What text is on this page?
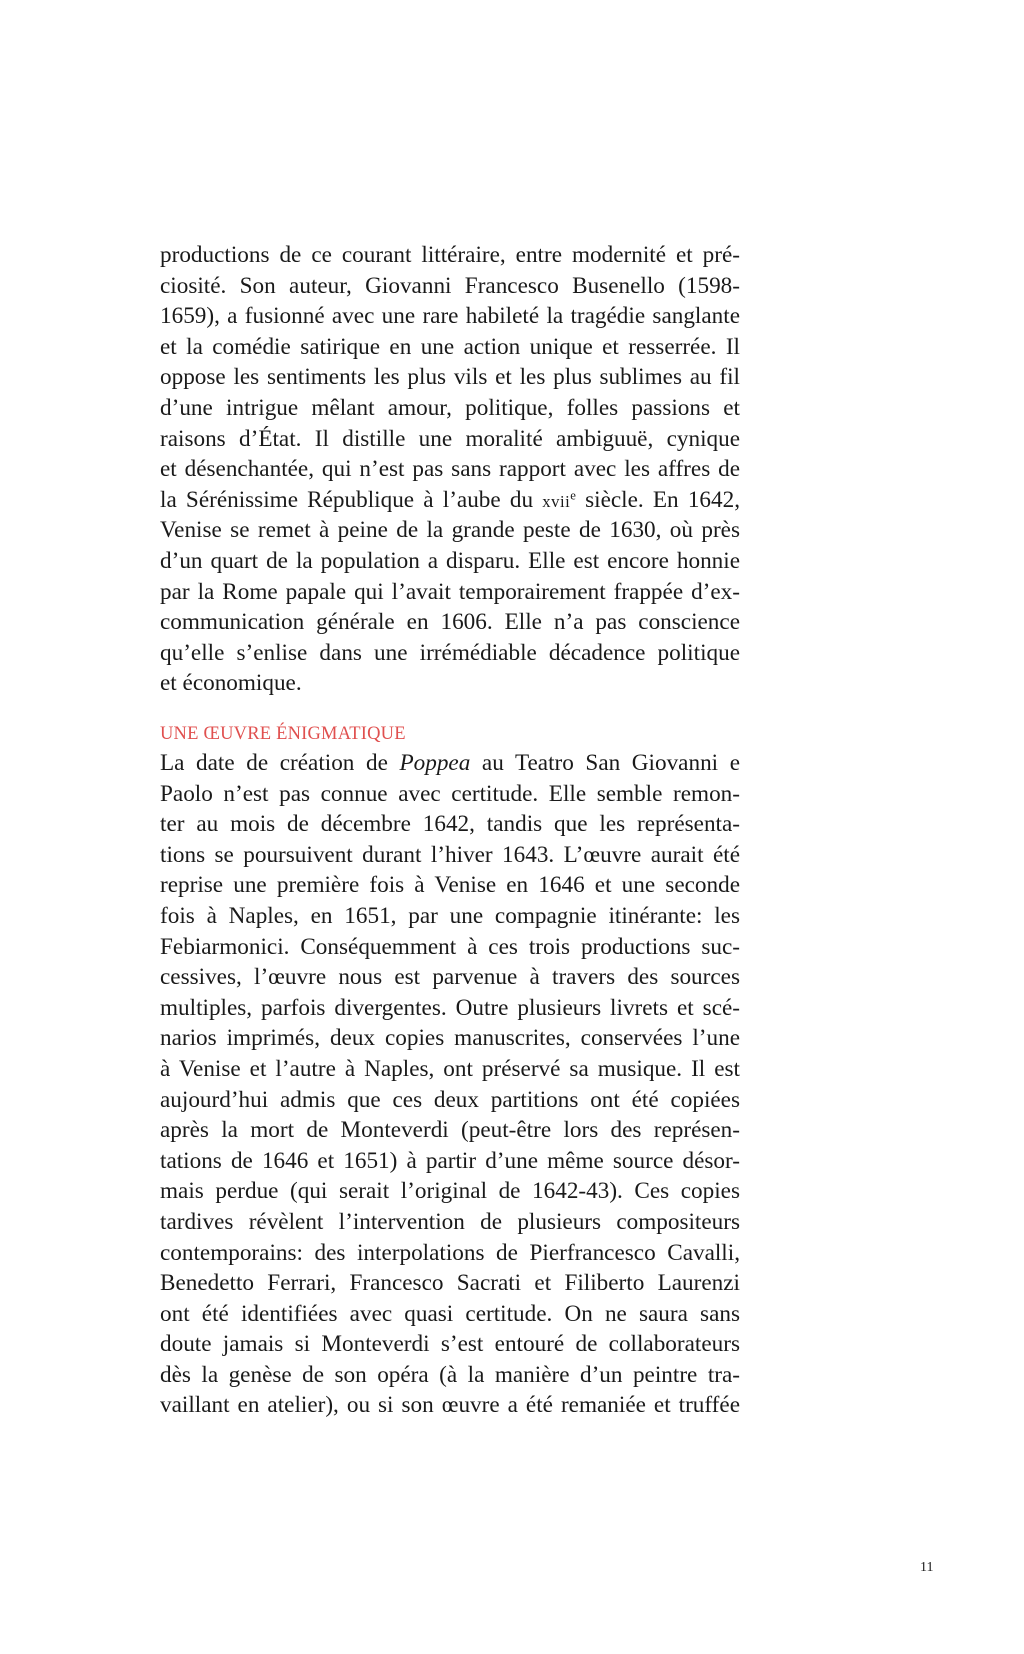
productions de ce courant littéraire, entre modernité et pré-
ciosité. Son auteur, Giovanni Francesco Busenello (1598-
1659), a fusionné avec une rare habileté la tragédie sanglante
et la comédie satirique en une action unique et resserrée. Il
oppose les sentiments les plus vils et les plus sublimes au fil
d’une intrigue mêlant amour, politique, folles passions et
raisons d’État. Il distille une moralité ambiguuë, cynique
et désenchantée, qui n’est pas sans rapport avec les affres de
la Sérénissime République à l’aube du xvii$^e$ siècle. En 1642,
Venise se remet à peine de la grande peste de 1630, où près
d’un quart de la population a disparu. Elle est encore honnie
par la Rome papale qui l’avait temporairement frappée d’ex-
communication générale en 1606. Elle n’a pas conscience
qu’elle s’enlise dans une irrémédiable décadence politique
et économique.
UNE ŒUVRE ÉNIGMATIQUE
La date de création de Poppea au Teatro San Giovanni e
Paolo n’est pas connue avec certitude. Elle semble remon-
ter au mois de décembre 1642, tandis que les représenta-
tions se poursuivent durant l’hiver 1643. L’œuvre aurait été
reprise une première fois à Venise en 1646 et une seconde
fois à Naples, en 1651, par une compagnie itinérante: les
Febiarmonici. Conséquemment à ces trois productions suc-
cessives, l’œuvre nous est parvenue à travers des sources
multiples, parfois divergentes. Outre plusieurs livrets et scé-
narios imprimés, deux copies manuscrites, conservées l’une
à Venise et l’autre à Naples, ont préservé sa musique. Il est
aujourd’hui admis que ces deux partitions ont été copiées
après la mort de Monteverdi (peut-être lors des représen-
tations de 1646 et 1651) à partir d’une même source désor-
mais perdue (qui serait l’original de 1642-43). Ces copies
tardives révèlent l’intervention de plusieurs compositeurs
contemporains: des interpolations de Pierfrancesco Cavalli,
Benedetto Ferrari, Francesco Sacrati et Filiberto Laurenzi
ont été identifiées avec quasi certitude. On ne saura sans
doute jamais si Monteverdi s’est entouré de collaborateurs
dès la genèse de son opéra (à la manière d’un peintre tra-
vaillant en atelier), ou si son œuvre a été remaniée et truffée
11
